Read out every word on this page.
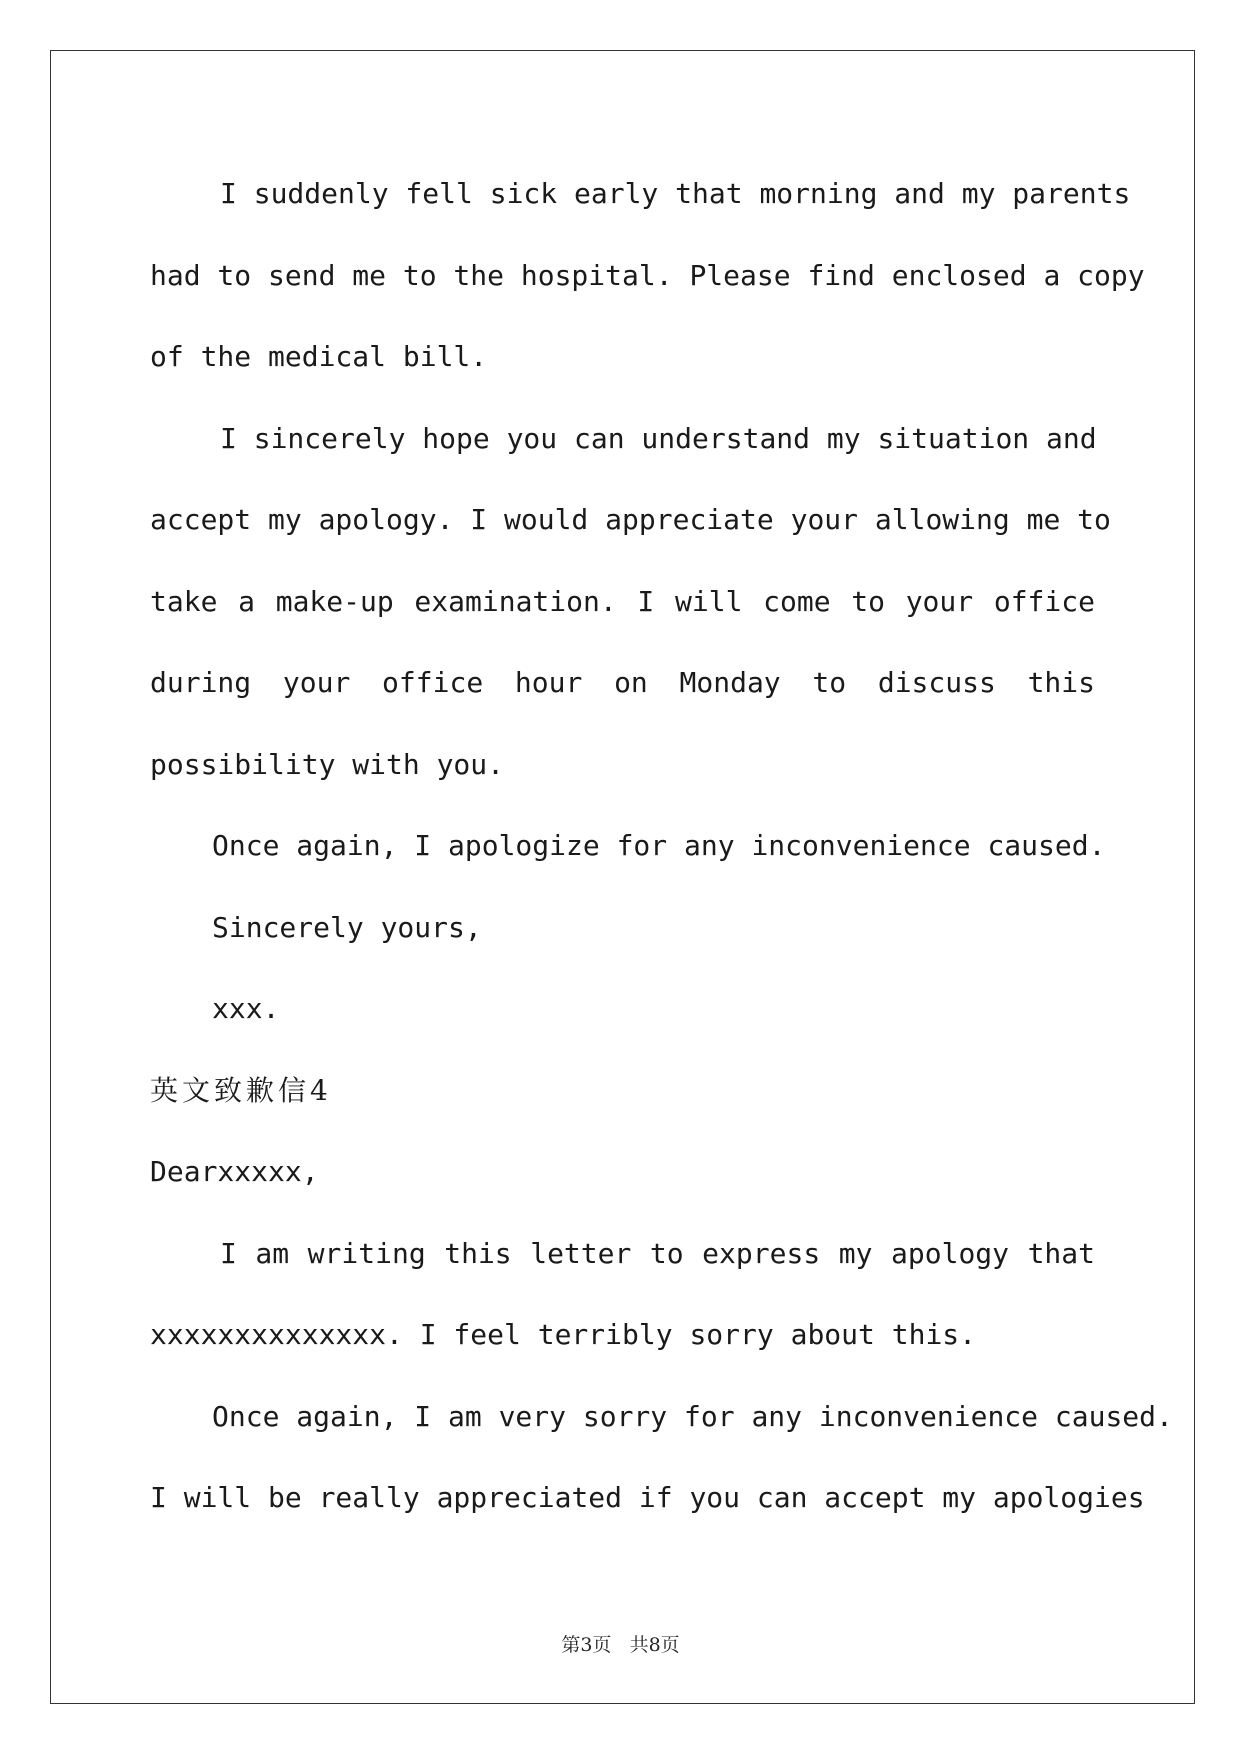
I suddenly fell sick early that morning and my parents
had to send me to the hospital. Please find enclosed a copy
of the medical bill.
I sincerely hope you can understand my situation and
accept my apology. I would appreciate your allowing me to
take a make-up examination. I will come to your office
during your office hour on Monday to discuss this
possibility with you.
Once again, I apologize for any inconvenience caused.
Sincerely yours,
xxx.
英文致歉信4
Dearxxxxx,
I am writing this letter to express my apology that
xxxxxxxxxxxxxx. I feel terribly sorry about this.
Once again, I am very sorry for any inconvenience caused.
I will be really appreciated if you can accept my apologies
第3页 共8页
